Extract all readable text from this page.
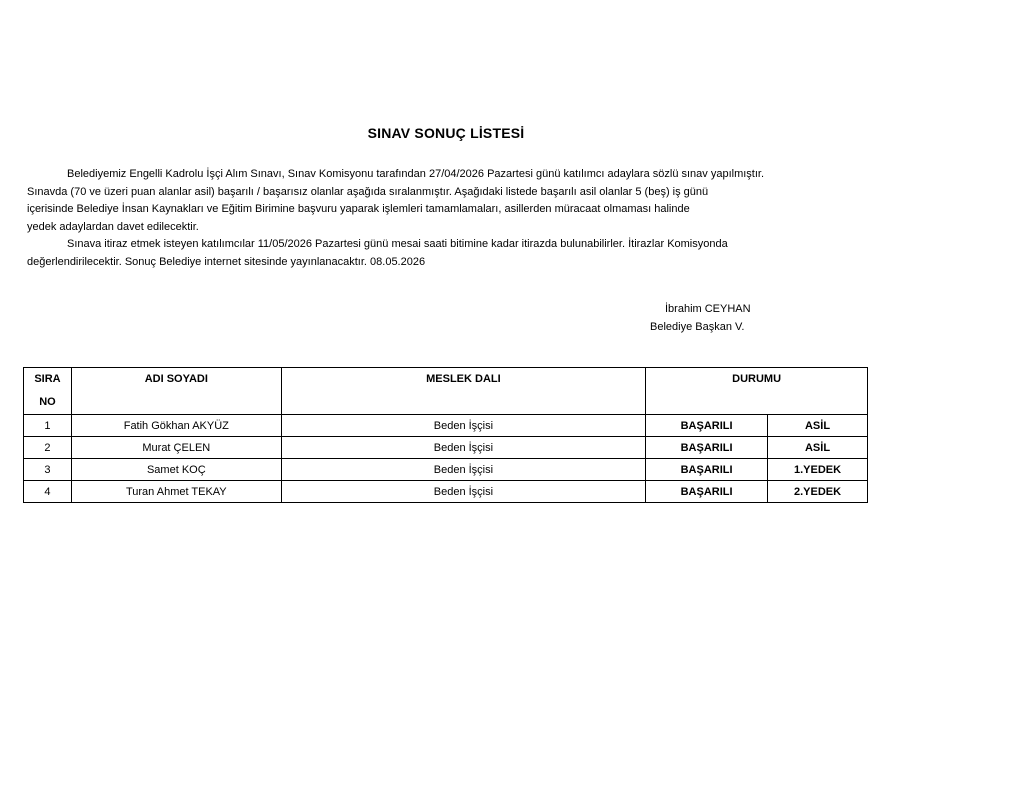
SINAV SONUÇ LİSTESİ

Belediyemiz Engelli Kadrolu İşçi Alım Sınavı, Sınav Komisyonu tarafından 27/04/2026 Pazartesi günü katılımcı adaylara sözlü sınav yapılmıştır.
Sınavda (70 ve üzeri puan alanlar asil) başarılı / başarısız olanlar aşağıda sıralanmıştır. Aşağıdaki listede başarılı asil olanlar 5 (beş) iş günü
içerisinde Belediye İnsan Kaynakları ve Eğitim Birimine başvuru yaparak işlemleri tamamlamaları, asillerden müracaat olmaması halinde
yedek adaylardan davet edilecektir.

Sınava itiraz etmek isteyen katılımcılar 11/05/2026 Pazartesi günü mesai saati bitimine kadar itirazda bulunabilirler. İtirazlar Komisyonda
değerlendirilecektir. Sonuç Belediye internet sitesinde yayınlanacaktır. 08.05.2026

İbrahim CEYHAN
Belediye Başkan V.
SIRA
NO	ADI SOYADI	MESLEK DALI	DURUMU	
1	Fatih Gökhan AKYÜZ	Beden İşçisi	BAŞARILI	ASİL
2	Murat ÇELEN	Beden İşçisi	BAŞARILI	ASİL
3	Samet KOÇ	Beden İşçisi	BAŞARILI	1.YEDEK
4	Turan Ahmet TEKAY	Beden İşçisi	BAŞARILI	2.YEDEK
